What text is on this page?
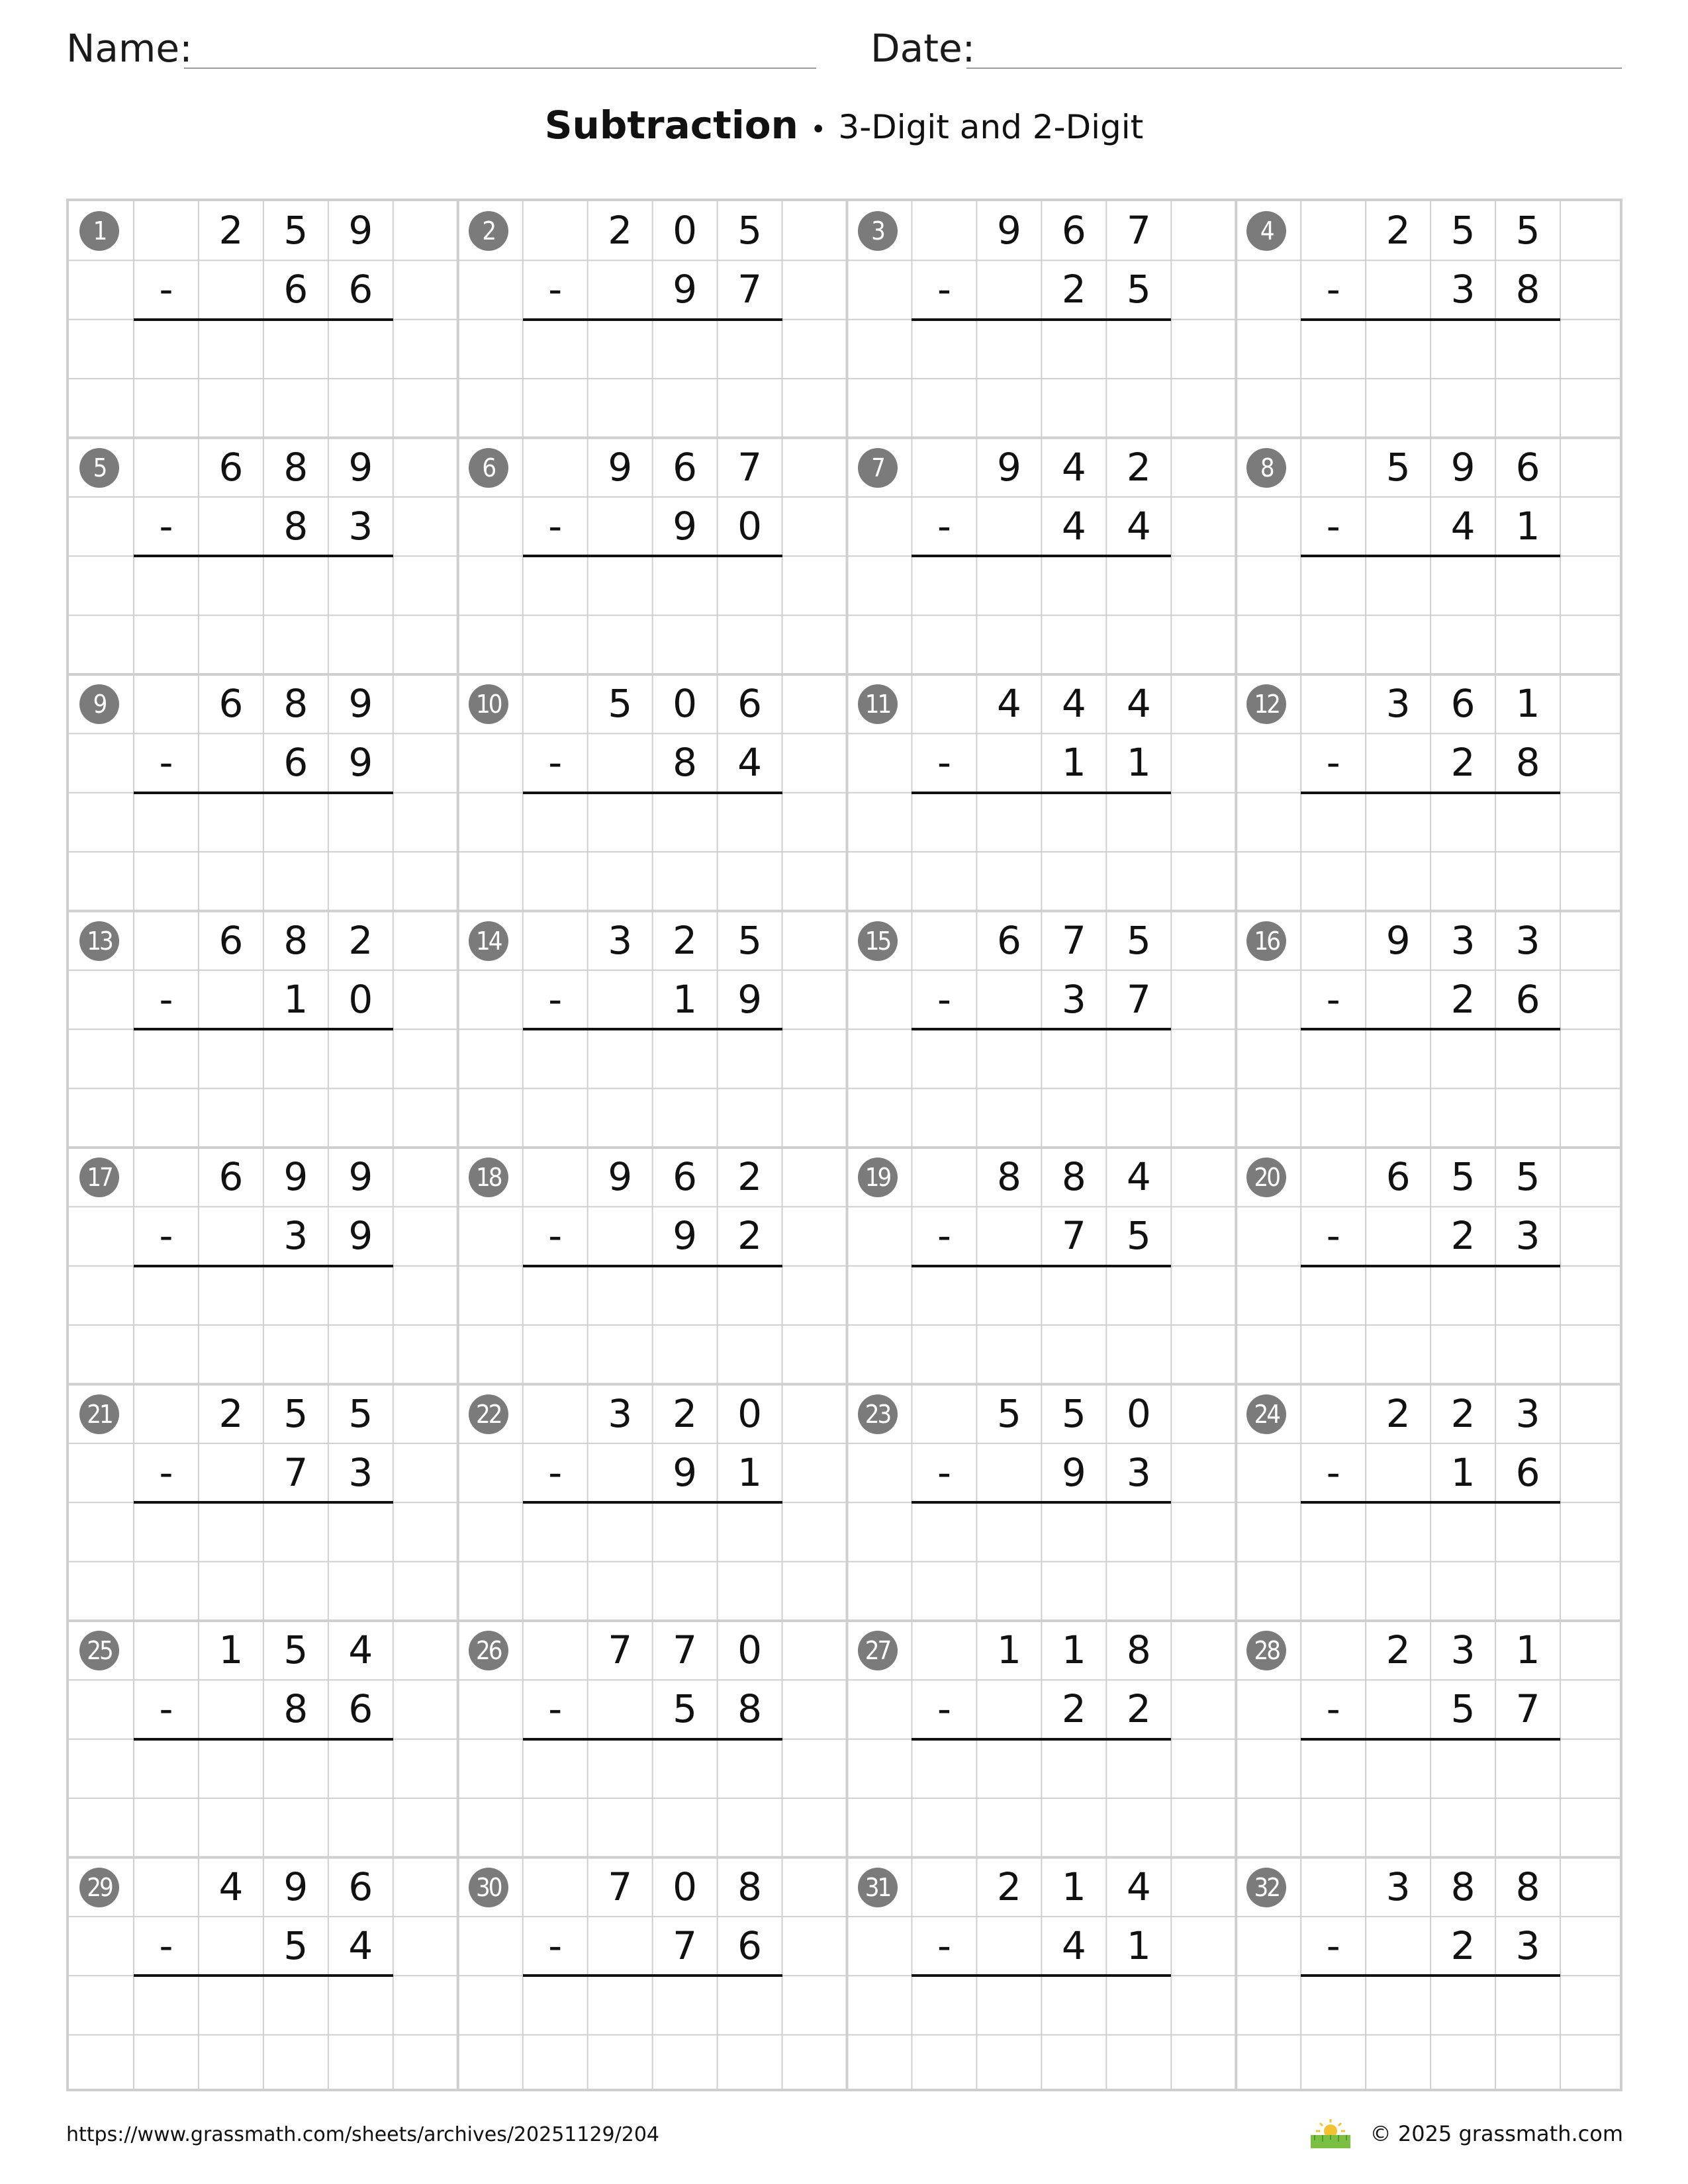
Name:	Date:
Subtraction • 3-Digit and 2-Digit
1	2	5	9
-	6	6
2	2	0	5
-	9	7
3	9	6	7
-	2	5
4	2	5	5
-	3	8
5	6	8	9
-	8	3
6	9	6	7
-	9	0
7	9	4	2
-	4	4
8	5	9	6
-	4	1
9	6	8	9
-	6	9
10	5	0	6
-	8	4
11	4	4	4
-	1	1
12	3	6	1
-	2	8
13	6	8	2
-	1	0
14	3	2	5
-	1	9
15	6	7	5
-	3	7
16	9	3	3
-	2	6
17	6	9	9
-	3	9
18	9	6	2
-	9	2
19	8	8	4
-	7	5
20	6	5	5
-	2	3
21	2	5	5
-	7	3
22	3	2	0
-	9	1
23	5	5	0
-	9	3
24	2	2	3
-	1	6
25	1	5	4
-	8	6
26	7	7	0
-	5	8
27	1	1	8
-	2	2
28	2	3	1
-	5	7
29	4	9	6
-	5	4
30	7	0	8
-	7	6
31	2	1	4
-	4	1
32	3	8	8
-	2	3
https://www.grassmath.com/sheets/archives/20251129/204	© 2025 grassmath.com
